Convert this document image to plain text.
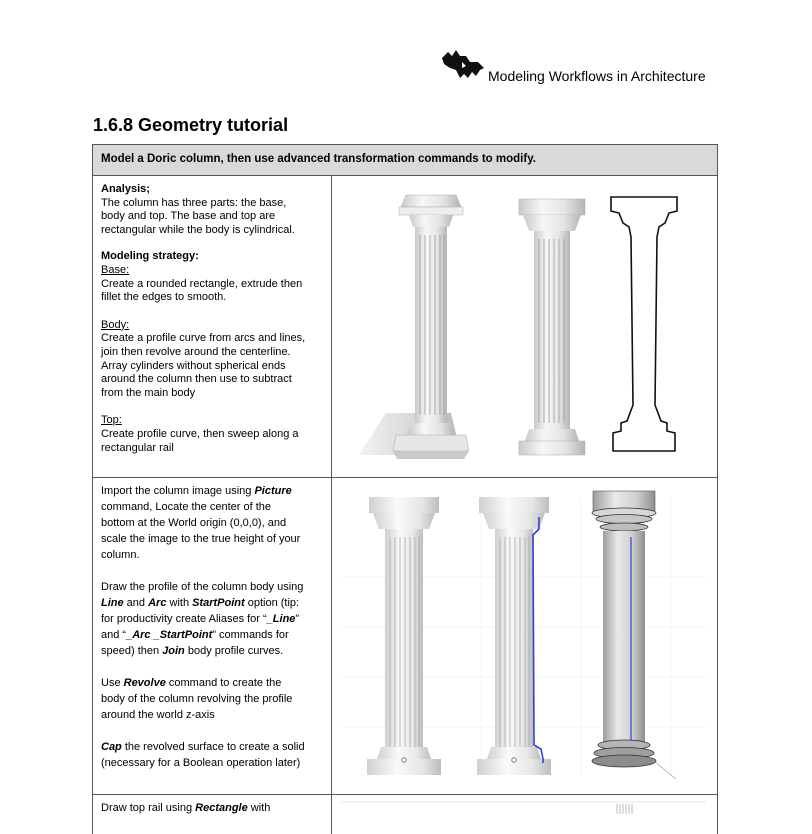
Modeling Workflows in Architecture
1.6.8 Geometry tutorial
Model a Doric column, then use advanced transformation commands to modify.
Analysis;
The column has three parts: the base,
body and top. The base and top are
rectangular while the body is cylindrical.
Modeling strategy:
Base:
Create a rounded rectangle, extrude then
fillet the edges to smooth.
Body:
Create a profile curve from arcs and lines,
join then revolve around the centerline.
Array cylinders without spherical ends
around the column then use to subtract
from the main body
Top:
Create profile curve, then sweep along a
rectangular rail
Import the column image using Picture
command, Locate the center of the
bottom at the World origin (0,0,0), and
scale the image to the true height of your
column.
Draw the profile of the column body using
Line and Arc with StartPoint option (tip:
for productivity create Aliases for “_Line”
and “_Arc _StartPoint” commands for
speed) then Join body profile curves.
Use Revolve command to create the
body of the column revolving the profile
around the world z-axis
Cap the revolved surface to create a solid
(necessary for a Boolean operation later)
Draw top rail using Rectangle with
